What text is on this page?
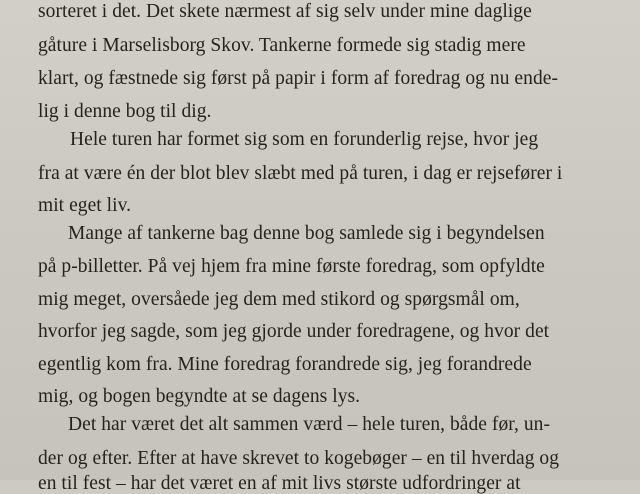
sorteret i det. Det skete nærmest af sig selv under mine daglige

gåture i Marselisborg Skov. Tankerne formede sig stadig mere

klart, og fæstnede sig først på papir i form af foredrag og nu ende-

lig i denne bog til dig.

Hele turen har formet sig som en forunderlig rejse, hvor jeg

fra at være én der blot blev slæbt med på turen, i dag er rejsefører i

mit eget liv.

Mange af tankerne bag denne bog samlede sig i begyndelsen

på p-billetter. På vej hjem fra mine første foredrag, som opfyldte

mig meget, oversåede jeg dem med stikord og spørgsmål om,

hvorfor jeg sagde, som jeg gjorde under foredragene, og hvor det

egentlig kom fra. Mine foredrag forandrede sig, jeg forandrede

mig, og bogen begyndte at se dagens lys.

Det har været det alt sammen værd – hele turen, både før, un-

der og efter. Efter at have skrevet to kogebøger – en til hverdag og

en til fest – har det været en af mit livs største udfordringer at
